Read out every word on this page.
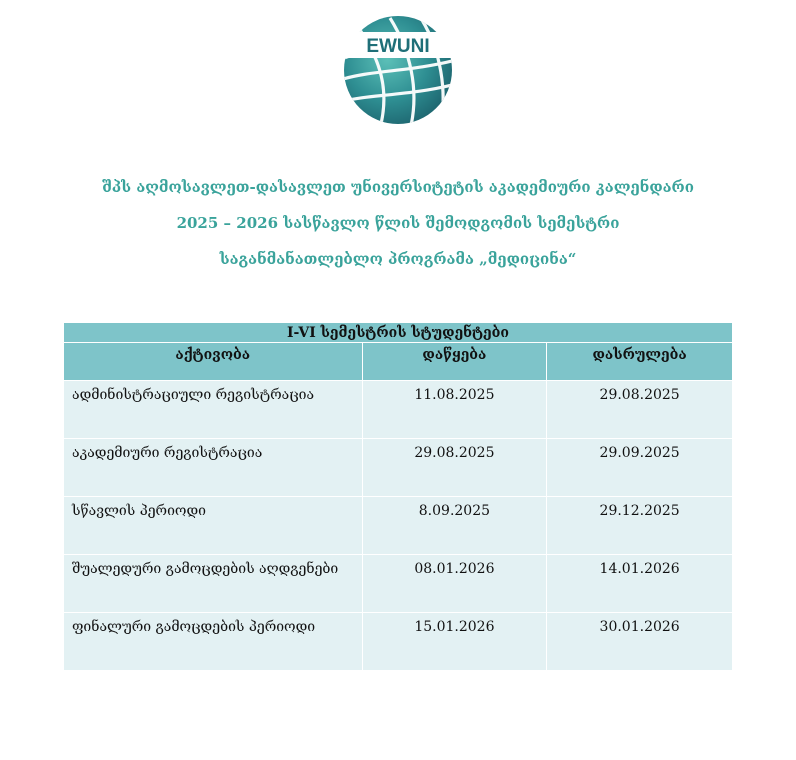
EWUNI
შპს აღმოსავლეთ-დასავლეთ უნივერსიტეტის აკადემიური კალენდარი
2025 – 2026 სასწავლო წლის შემოდგომის სემესტრი
საგანმანათლებლო პროგრამა „მედიცინა“
I-VI სემესტრის სტუდენტები		
აქტივობა	დაწყება	დასრულება
ადმინისტრაციული რეგისტრაცია	11.08.2025	29.08.2025
აკადემიური რეგისტრაცია	29.08.2025	29.09.2025
სწავლის პერიოდი	8.09.2025	29.12.2025
შუალედური გამოცდების აღდგენები	08.01.2026	14.01.2026
ფინალური გამოცდების პერიოდი	15.01.2026	30.01.2026
